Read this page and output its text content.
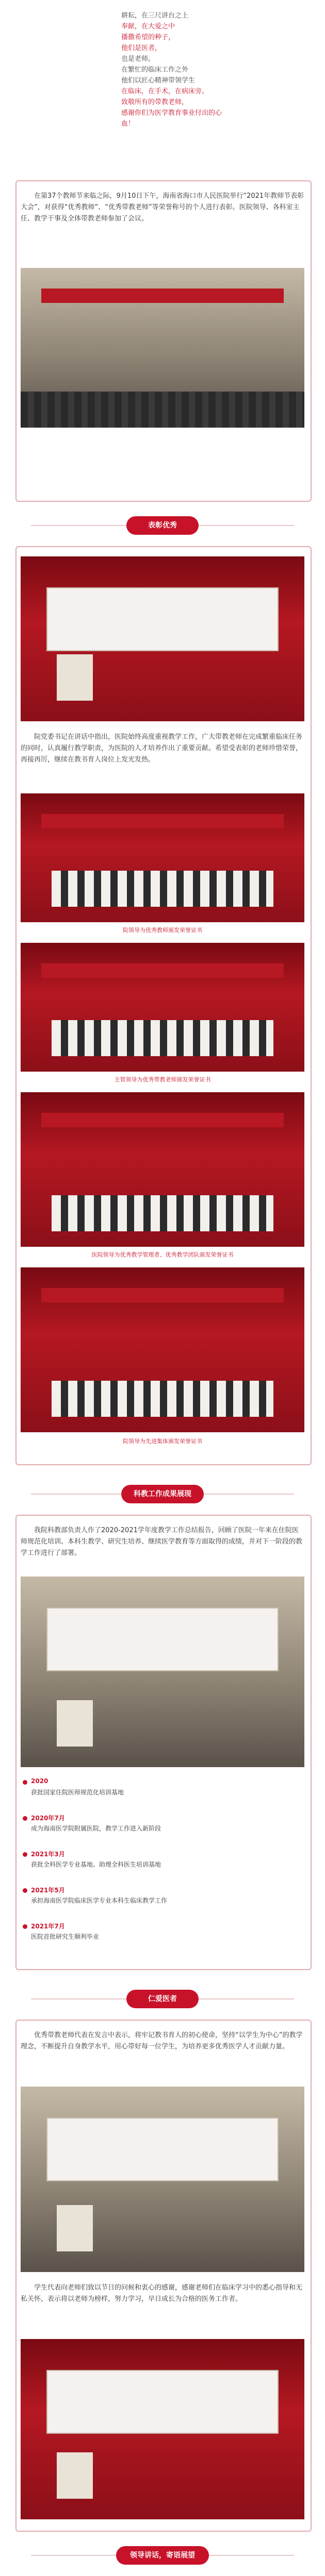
耕耘，在三尺讲台之上
奉献，在大爱之中
播撒希望的种子，
他们是医者，
也是老师。
在繁忙的临床工作之外
他们以匠心精神带领学生
在临床，在手术，在病床旁。
致敬所有的带教老师，
感谢你们为医学教育事业付出的心血！
在第37个教师节来临之际，9月10日下午，海南省海口市人民医院举行“2021年教师节表彰大会”，对获得“优秀教师”、“优秀带教老师”等荣誉称号的个人进行表彰。医院领导、各科室主任、教学干事及全体带教老师参加了会议。
表彰优秀
院党委书记在讲话中指出，医院始终高度重视教学工作，广大带教老师在完成繁重临床任务的同时，认真履行教学职责，为医院的人才培养作出了重要贡献。希望受表彰的老师珍惜荣誉，再接再厉，继续在教书育人岗位上发光发热。
院领导为优秀教师颁发荣誉证书
主管领导为优秀带教老师颁发荣誉证书
医院领导为优秀教学管理者、优秀教学团队颁发荣誉证书
院领导为先进集体颁发荣誉证书
科教工作成果展现
我院科教部负责人作了2020-2021学年度教学工作总结报告，回顾了医院一年来在住院医师规范化培训、本科生教学、研究生培养、继续医学教育等方面取得的成绩，并对下一阶段的教学工作进行了部署。
2020
获批国家住院医师规范化培训基地
2020年7月
成为海南医学院附属医院，教学工作进入新阶段
2021年3月
获批全科医学专业基地、助理全科医生培训基地
2021年5月
承担海南医学院临床医学专业本科生临床教学工作
2021年7月
医院首批研究生顺利毕业
仁爱医者
优秀带教老师代表在发言中表示，将牢记教书育人的初心使命，坚持“以学生为中心”的教学理念，不断提升自身教学水平，用心带好每一位学生，为培养更多优秀医学人才贡献力量。
学生代表向老师们致以节日的问候和衷心的感谢，感谢老师们在临床学习中的悉心指导和无私关怀，表示将以老师为榜样，努力学习，早日成长为合格的医务工作者。
领导讲话，寄语展望
